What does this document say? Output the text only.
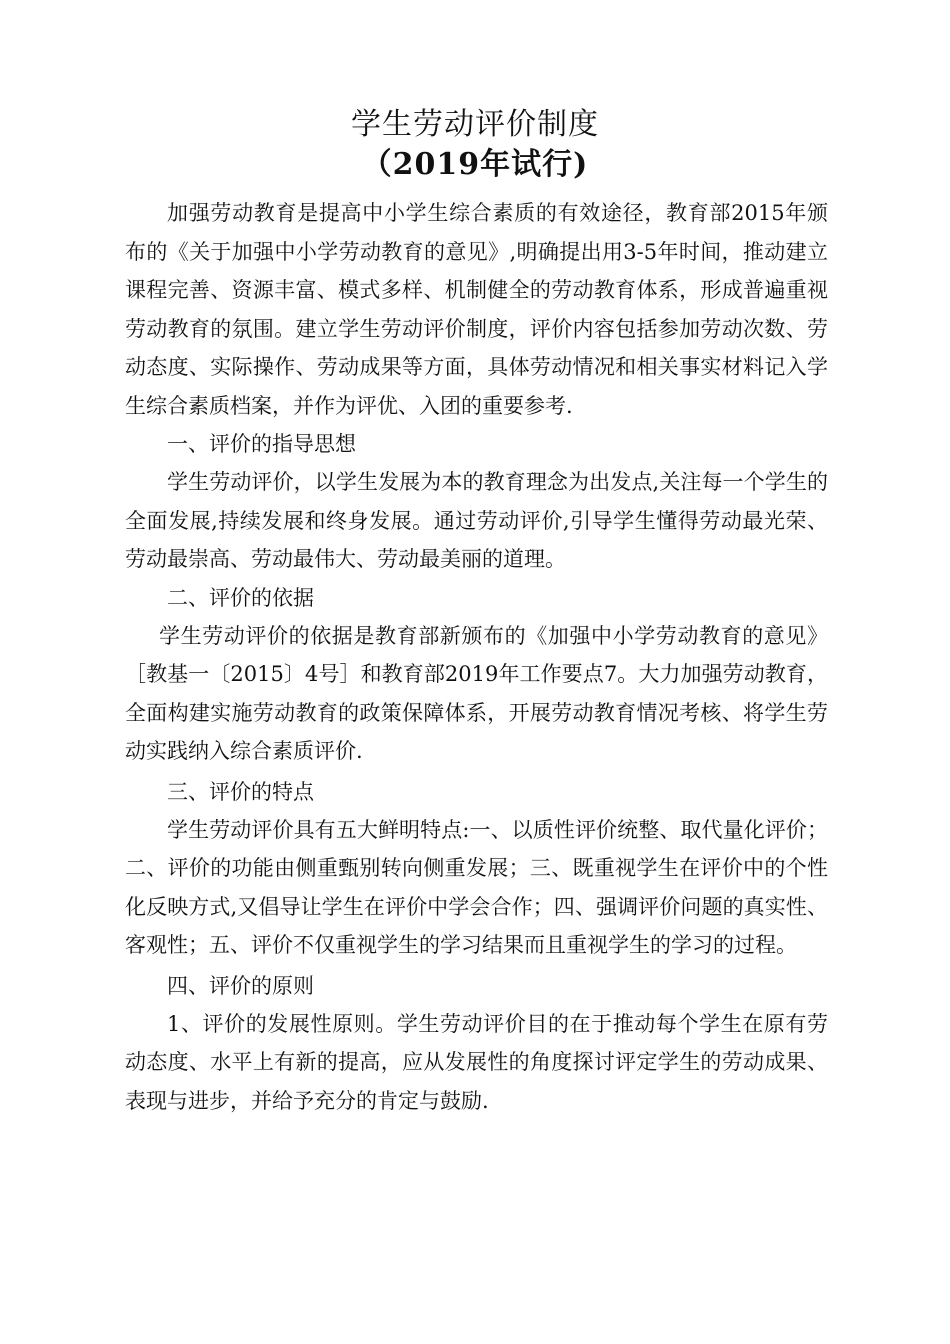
学生劳动评价制度
（2019年试行)

加强劳动教育是提高中小学生综合素质的有效途径，教育部2015年颁布的《关于加强中小学劳动教育的意见》,明确提出用3-5年时间，推动建立课程完善、资源丰富、模式多样、机制健全的劳动教育体系，形成普遍重视劳动教育的氛围。建立学生劳动评价制度，评价内容包括参加劳动次数、劳动态度、实际操作、劳动成果等方面，具体劳动情况和相关事实材料记入学生综合素质档案，并作为评优、入团的重要参考.

一、评价的指导思想

学生劳动评价，以学生发展为本的教育理念为出发点,关注每一个学生的全面发展,持续发展和终身发展。通过劳动评价,引导学生懂得劳动最光荣、劳动最崇高、劳动最伟大、劳动最美丽的道理。

二、评价的依据

学生劳动评价的依据是教育部新颁布的《加强中小学劳动教育的意见》［教基一〔2015〕4号］和教育部2019年工作要点7。大力加强劳动教育，全面构建实施劳动教育的政策保障体系，开展劳动教育情况考核、将学生劳动实践纳入综合素质评价.

三、评价的特点

学生劳动评价具有五大鲜明特点:一、以质性评价统整、取代量化评价；二、评价的功能由侧重甄别转向侧重发展；三、既重视学生在评价中的个性化反映方式,又倡导让学生在评价中学会合作；四、强调评价问题的真实性、客观性；五、评价不仅重视学生的学习结果而且重视学生的学习的过程。

四、评价的原则

1、评价的发展性原则。学生劳动评价目的在于推动每个学生在原有劳动态度、水平上有新的提高，应从发展性的角度探讨评定学生的劳动成果、表现与进步，并给予充分的肯定与鼓励.
